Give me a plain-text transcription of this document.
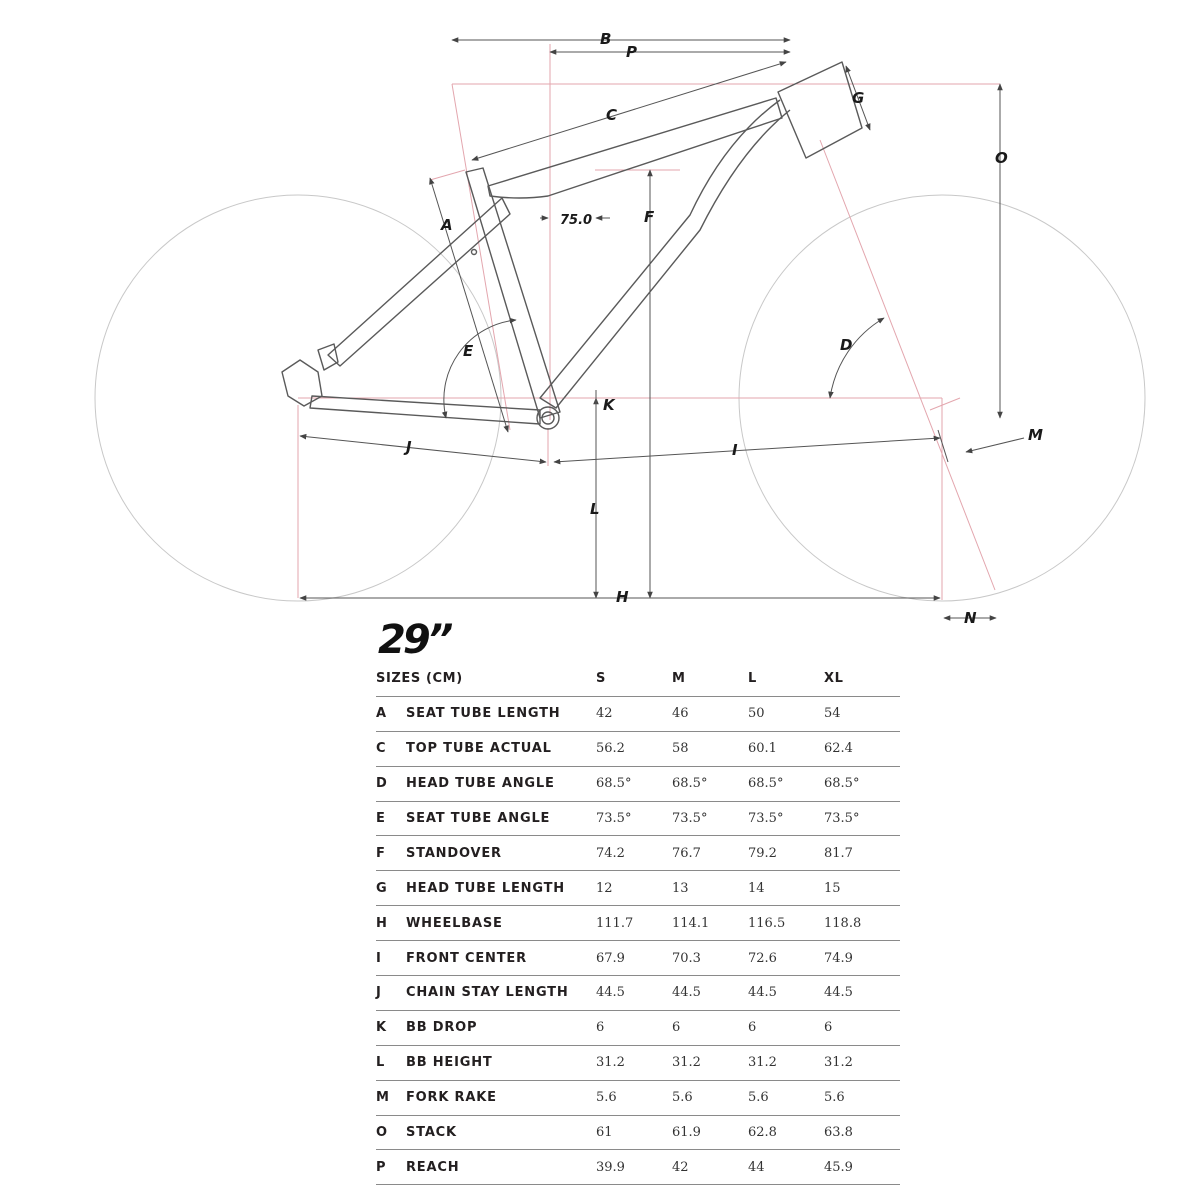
B
P
C
G
O
A	75.0	F
D
E
K
M
J	I
L
H
N
29”
SIZES (CM)		S	M	L	XL
A	SEAT TUBE LENGTH	42	46	50	54
C	TOP TUBE ACTUAL	56.2	58	60.1	62.4
D	HEAD TUBE ANGLE	68.5°	68.5°	68.5°	68.5°
E	SEAT TUBE ANGLE	73.5°	73.5°	73.5°	73.5°
F	STANDOVER	74.2	76.7	79.2	81.7
G	HEAD TUBE LENGTH	12	13	14	15
H	WHEELBASE	111.7	114.1	116.5	118.8
I	FRONT CENTER	67.9	70.3	72.6	74.9
J	CHAIN STAY LENGTH	44.5	44.5	44.5	44.5
K	BB DROP	6	6	6	6
L	BB HEIGHT	31.2	31.2	31.2	31.2
M	FORK RAKE	5.6	5.6	5.6	5.6
O	STACK	61	61.9	62.8	63.8
P	REACH	39.9	42	44	45.9
